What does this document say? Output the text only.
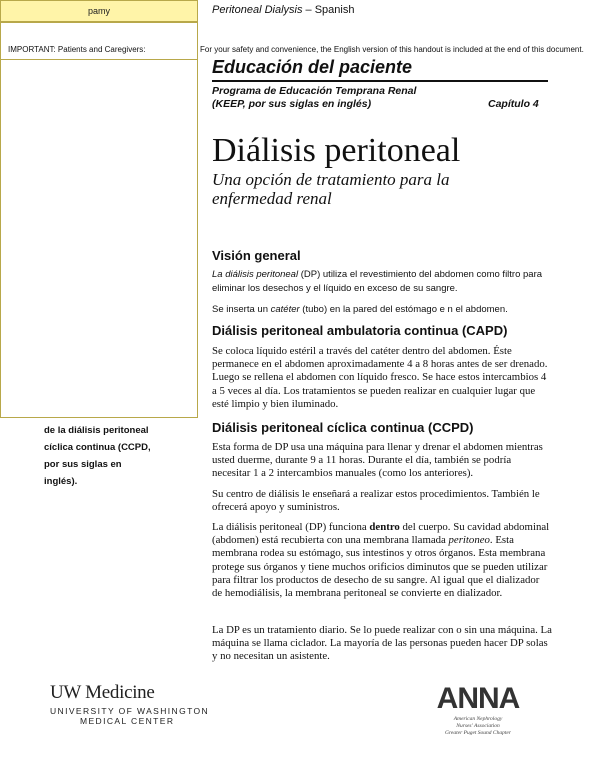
pamy
IMPORTANT: Patients and Caregivers:	For your safety and convenience, the English version of this handout is included at the end of this document.
Peritoneal Dialysis – Spanish
Educación del paciente
Programa de Educación Temprana Renal
(KEEP, por sus siglas en inglés)	Capítulo 4
Diálisis peritoneal
Una opción de tratamiento para la enfermedad renal
Visión general
La diálisis peritoneal (DP) utiliza el revestimiento del abdomen como filtro para eliminar los desechos y el líquido en exceso de su sangre.
Se inserta un catéter (tubo) en la pared del estómago e n el abdomen.
Diálisis peritoneal ambulatoria continua (CAPD)
Se coloca líquido estéril a través del catéter dentro del abdomen. Éste permanece en el abdomen aproximadamente 4 a 8 horas antes de ser drenado. Luego se rellena el abdomen con líquido fresco. Se hace estos intercambios 4 a 5 veces al día. Los tratamientos se pueden realizar en cualquier lugar que esté limpio y bien iluminado.
Diálisis peritoneal cíclica continua (CCPD)
Esta forma de DP usa una máquina para llenar y drenar el abdomen mientras usted duerme, durante 9 a 11 horas. Durante el día, también se podría necesitar 1 a 2 intercambios manuales (como los anteriores).
Su centro de diálisis le enseñará a realizar estos procedimientos. También le ofrecerá apoyo y suministros.
La diálisis peritoneal (DP) funciona dentro del cuerpo. Su cavidad abdominal (abdomen) está recubierta con una membrana llamada peritoneo. Esta membrana rodea su estómago, sus intestinos y otros órganos. Esta membrana protege sus órganos y tiene muchos orificios diminutos que se pueden utilizar para filtrar los productos de desecho de su sangre. Al igual que el dializador de hemodiálisis, la membrana peritoneal se convierte en dializador.
La DP es un tratamiento diario. Se lo puede realizar con o sin una máquina. La máquina se llama ciclador. La mayoría de las personas pueden hacer DP solas y no necesitan un asistente.
de la diálisis peritoneal
cíclica continua (CCPD,
por sus siglas en
inglés).
UW Medicine
UNIVERSITY OF WASHINGTON
MEDICAL CENTER
ANNA
American Nephrology
Nurses' Association
Greater Puget Sound Chapter
